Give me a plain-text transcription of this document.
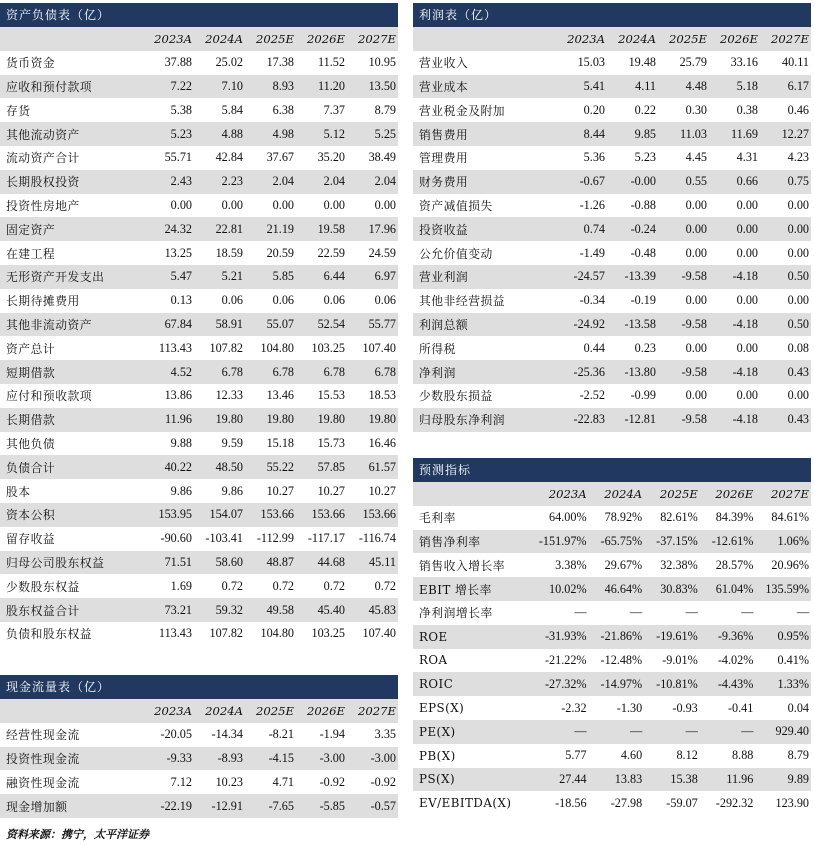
资产负债表（亿）
	2023A	2024A	2025E	2026E	2027E
货币资金	37.88	25.02	17.38	11.52	10.95
应收和预付款项	7.22	7.10	8.93	11.20	13.50
存货	5.38	5.84	6.38	7.37	8.79
其他流动资产	5.23	4.88	4.98	5.12	5.25
流动资产合计	55.71	42.84	37.67	35.20	38.49
长期股权投资	2.43	2.23	2.04	2.04	2.04
投资性房地产	0.00	0.00	0.00	0.00	0.00
固定资产	24.32	22.81	21.19	19.58	17.96
在建工程	13.25	18.59	20.59	22.59	24.59
无形资产开发支出	5.47	5.21	5.85	6.44	6.97
长期待摊费用	0.13	0.06	0.06	0.06	0.06
其他非流动资产	67.84	58.91	55.07	52.54	55.77
资产总计	113.43	107.82	104.80	103.25	107.40
短期借款	4.52	6.78	6.78	6.78	6.78
应付和预收款项	13.86	12.33	13.46	15.53	18.53
长期借款	11.96	19.80	19.80	19.80	19.80
其他负债	9.88	9.59	15.18	15.73	16.46
负债合计	40.22	48.50	55.22	57.85	61.57
股本	9.86	9.86	10.27	10.27	10.27
资本公积	153.95	154.07	153.66	153.66	153.66
留存收益	-90.60	-103.41	-112.99	-117.17	-116.74
归母公司股东权益	71.51	58.60	48.87	44.68	45.11
少数股东权益	1.69	0.72	0.72	0.72	0.72
股东权益合计	73.21	59.32	49.58	45.40	45.83
负债和股东权益	113.43	107.82	104.80	103.25	107.40
现金流量表（亿）
	2023A	2024A	2025E	2026E	2027E
经营性现金流	-20.05	-14.34	-8.21	-1.94	3.35
投资性现金流	-9.33	-8.93	-4.15	-3.00	-3.00
融资性现金流	7.12	10.23	4.71	-0.92	-0.92
现金增加额	-22.19	-12.91	-7.65	-5.85	-0.57
利润表（亿）
	2023A	2024A	2025E	2026E	2027E
营业收入	15.03	19.48	25.79	33.16	40.11
营业成本	5.41	4.11	4.48	5.18	6.17
营业税金及附加	0.20	0.22	0.30	0.38	0.46
销售费用	8.44	9.85	11.03	11.69	12.27
管理费用	5.36	5.23	4.45	4.31	4.23
财务费用	-0.67	-0.00	0.55	0.66	0.75
资产减值损失	-1.26	-0.88	0.00	0.00	0.00
投资收益	0.74	-0.24	0.00	0.00	0.00
公允价值变动	-1.49	-0.48	0.00	0.00	0.00
营业利润	-24.57	-13.39	-9.58	-4.18	0.50
其他非经营损益	-0.34	-0.19	0.00	0.00	0.00
利润总额	-24.92	-13.58	-9.58	-4.18	0.50
所得税	0.44	0.23	0.00	0.00	0.08
净利润	-25.36	-13.80	-9.58	-4.18	0.43
少数股东损益	-2.52	-0.99	0.00	0.00	0.00
归母股东净利润	-22.83	-12.81	-9.58	-4.18	0.43
预测指标
	2023A	2024A	2025E	2026E	2027E
毛利率	64.00%	78.92%	82.61%	84.39%	84.61%
销售净利率	-151.97%	-65.75%	-37.15%	-12.61%	1.06%
销售收入增长率	3.38%	29.67%	32.38%	28.57%	20.96%
EBIT 增长率	10.02%	46.64%	30.83%	61.04%	135.59%
净利润增长率	—	—	—	—	—
ROE	-31.93%	-21.86%	-19.61%	-9.36%	0.95%
ROA	-21.22%	-12.48%	-9.01%	-4.02%	0.41%
ROIC	-27.32%	-14.97%	-10.81%	-4.43%	1.33%
EPS(X)	-2.32	-1.30	-0.93	-0.41	0.04
PE(X)	—	—	—	—	929.40
PB(X)	5.77	4.60	8.12	8.88	8.79
PS(X)	27.44	13.83	15.38	11.96	9.89
EV/EBITDA(X)	-18.56	-27.98	-59.07	-292.32	123.90
资料来源：携宁，太平洋证券
